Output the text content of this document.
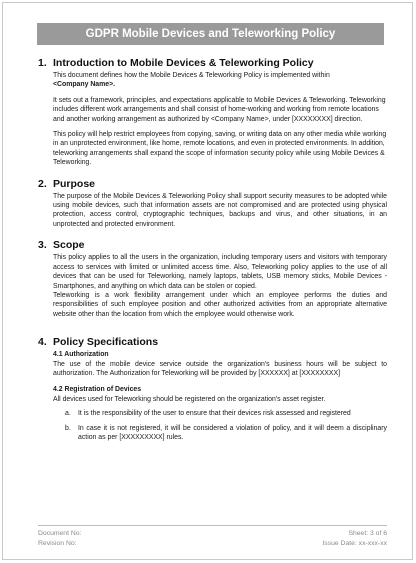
GDPR Mobile Devices and Teleworking Policy
1. Introduction to Mobile Devices & Teleworking Policy

This document defines how the Mobile Devices & Teleworking Policy is implemented within

<Company Name>.

It sets out a framework, principles, and expectations applicable to Mobile Devices & Teleworking. Teleworking includes different work arrangements and shall consist of home-working and working from remote locations and another working arrangement as authorized by <Company Name>, under [XXXXXXXX] direction.

This policy will help restrict employees from copying, saving, or writing data on any other media while working in an unprotected environment, like home, remote locations, and even in protected environments. In addition, teleworking arrangements shall expand the scope of information security policy while using Mobile Devices & Teleworking.

2. Purpose

The purpose of the Mobile Devices & Teleworking Policy shall support security measures to be adopted while using mobile devices, such that information assets are not compromised and are protected using physical protection, access control, cryptographic techniques, backups and virus, and other situations, in an unprotected and protected environment.

3. Scope

This policy applies to all the users in the organization, including temporary users and visitors with temporary access to services with limited or unlimited access time. Also, Teleworking policy applies to the use of all devices that can be used for Teleworking, namely laptops, tablets, USB memory sticks, Mobile Devices - Smartphones, and anything on which data can be stolen or copied.

Teleworking is a work flexibility arrangement under which an employee performs the duties and responsibilities of such employee position and other authorized activities from an appropriate alternative website other than the location from which the employee would otherwise work.

4. Policy Specifications

4.1 Authorization

The use of the mobile device service outside the organization's business hours will be subject to authorization. The Authorization for Teleworking will be provided by [XXXXXX] at [XXXXXXXX]

4.2 Registration of Devices

All devices used for Teleworking should be registered on the organization's asset register.

a.	It is the responsibility of the user to ensure that their devices risk assessed and registered
b.	In case it is not registered, it will be considered a violation of policy, and it will deem a disciplinary action as per [XXXXXXXXX] rules.
Document No:	Sheet: 3 of 6
Revision No:	Issue Date: xx-xxx-xx
